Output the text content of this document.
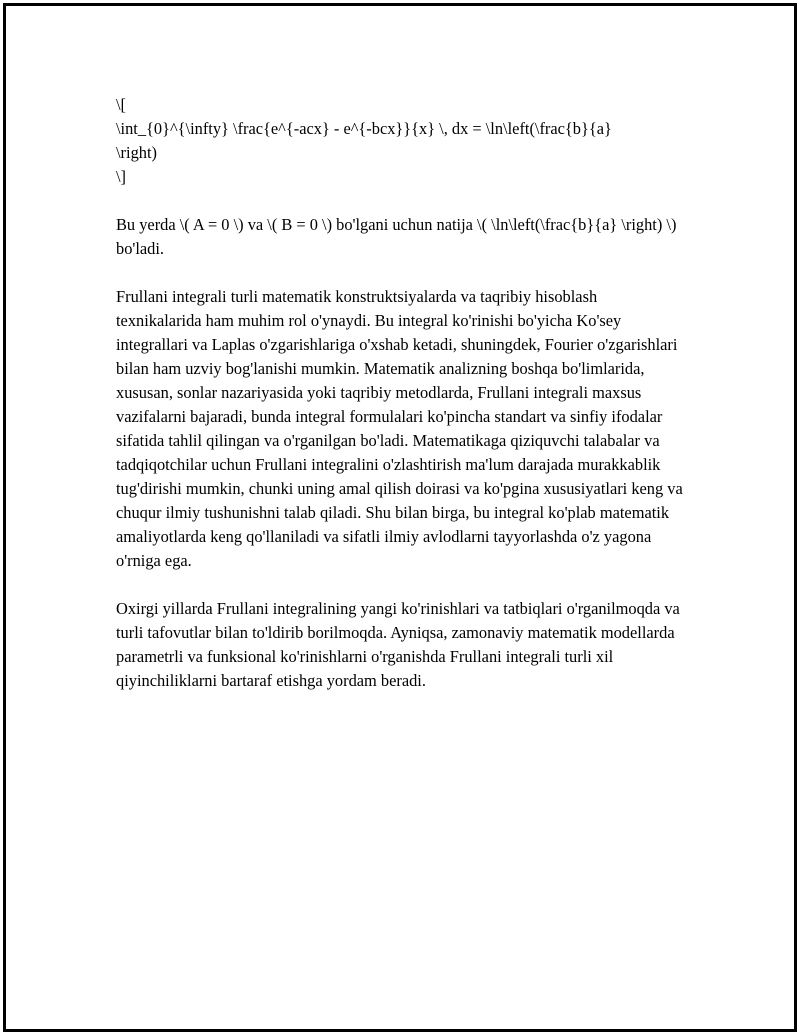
\[

\int_{0}^{\infty} \frac{e^{-acx} - e^{-bcx}}{x} \, dx = \ln\left(\frac{b}{a}

\right)

\]

Bu yerda \( A = 0 \) va \( B = 0 \) bo'lgani uchun natija \( \ln\left(\frac{b}{a} \right) \) bo'ladi.

Frullani integrali turli matematik konstruktsiyalarda va taqribiy hisoblash texnikalarida ham muhim rol o'ynaydi. Bu integral ko'rinishi bo'yicha Ko'sey integrallari va Laplas o'zgarishlariga o'xshab ketadi, shuningdek, Fourier o'zgarishlari bilan ham uzviy bog'lanishi mumkin. Matematik analizning boshqa bo'limlarida, xususan, sonlar nazariyasida yoki taqribiy metodlarda, Frullani integrali maxsus vazifalarni bajaradi, bunda integral formulalari ko'pincha standart va sinfiy ifodalar sifatida tahlil qilingan va o'rganilgan bo'ladi. Matematikaga qiziquvchi talabalar va tadqiqotchilar uchun Frullani integralini o'zlashtirish ma'lum darajada murakkablik tug'dirishi mumkin, chunki uning amal qilish doirasi va ko'pgina xususiyatlari keng va chuqur ilmiy tushunishni talab qiladi. Shu bilan birga, bu integral ko'plab matematik amaliyotlarda keng qo'llaniladi va sifatli ilmiy avlodlarni tayyorlashda o'z yagona o'rniga ega.

Oxirgi yillarda Frullani integralining yangi ko'rinishlari va tatbiqlari o'rganilmoqda va turli tafovutlar bilan to'ldirib borilmoqda. Ayniqsa, zamonaviy matematik modellarda parametrli va funksional ko'rinishlarni o'rganishda Frullani integrali turli xil qiyinchiliklarni bartaraf etishga yordam beradi.
